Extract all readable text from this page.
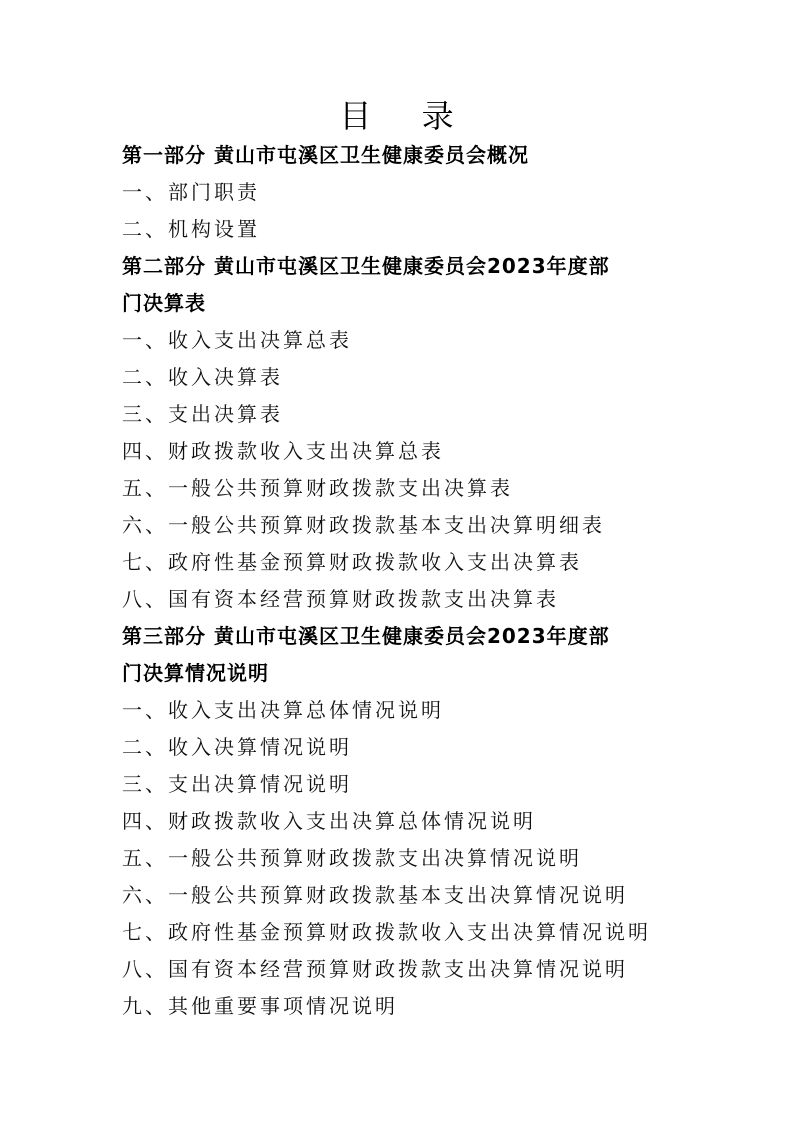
目 录
第一部分 黄山市屯溪区卫生健康委员会概况
一、部门职责
二、机构设置
第二部分 黄山市屯溪区卫生健康委员会2023年度部
门决算表
一、收入支出决算总表
二、收入决算表
三、支出决算表
四、财政拨款收入支出决算总表
五、一般公共预算财政拨款支出决算表
六、一般公共预算财政拨款基本支出决算明细表
七、政府性基金预算财政拨款收入支出决算表
八、国有资本经营预算财政拨款支出决算表
第三部分 黄山市屯溪区卫生健康委员会2023年度部
门决算情况说明
一、收入支出决算总体情况说明
二、收入决算情况说明
三、支出决算情况说明
四、财政拨款收入支出决算总体情况说明
五、一般公共预算财政拨款支出决算情况说明
六、一般公共预算财政拨款基本支出决算情况说明
七、政府性基金预算财政拨款收入支出决算情况说明
八、国有资本经营预算财政拨款支出决算情况说明
九、其他重要事项情况说明
